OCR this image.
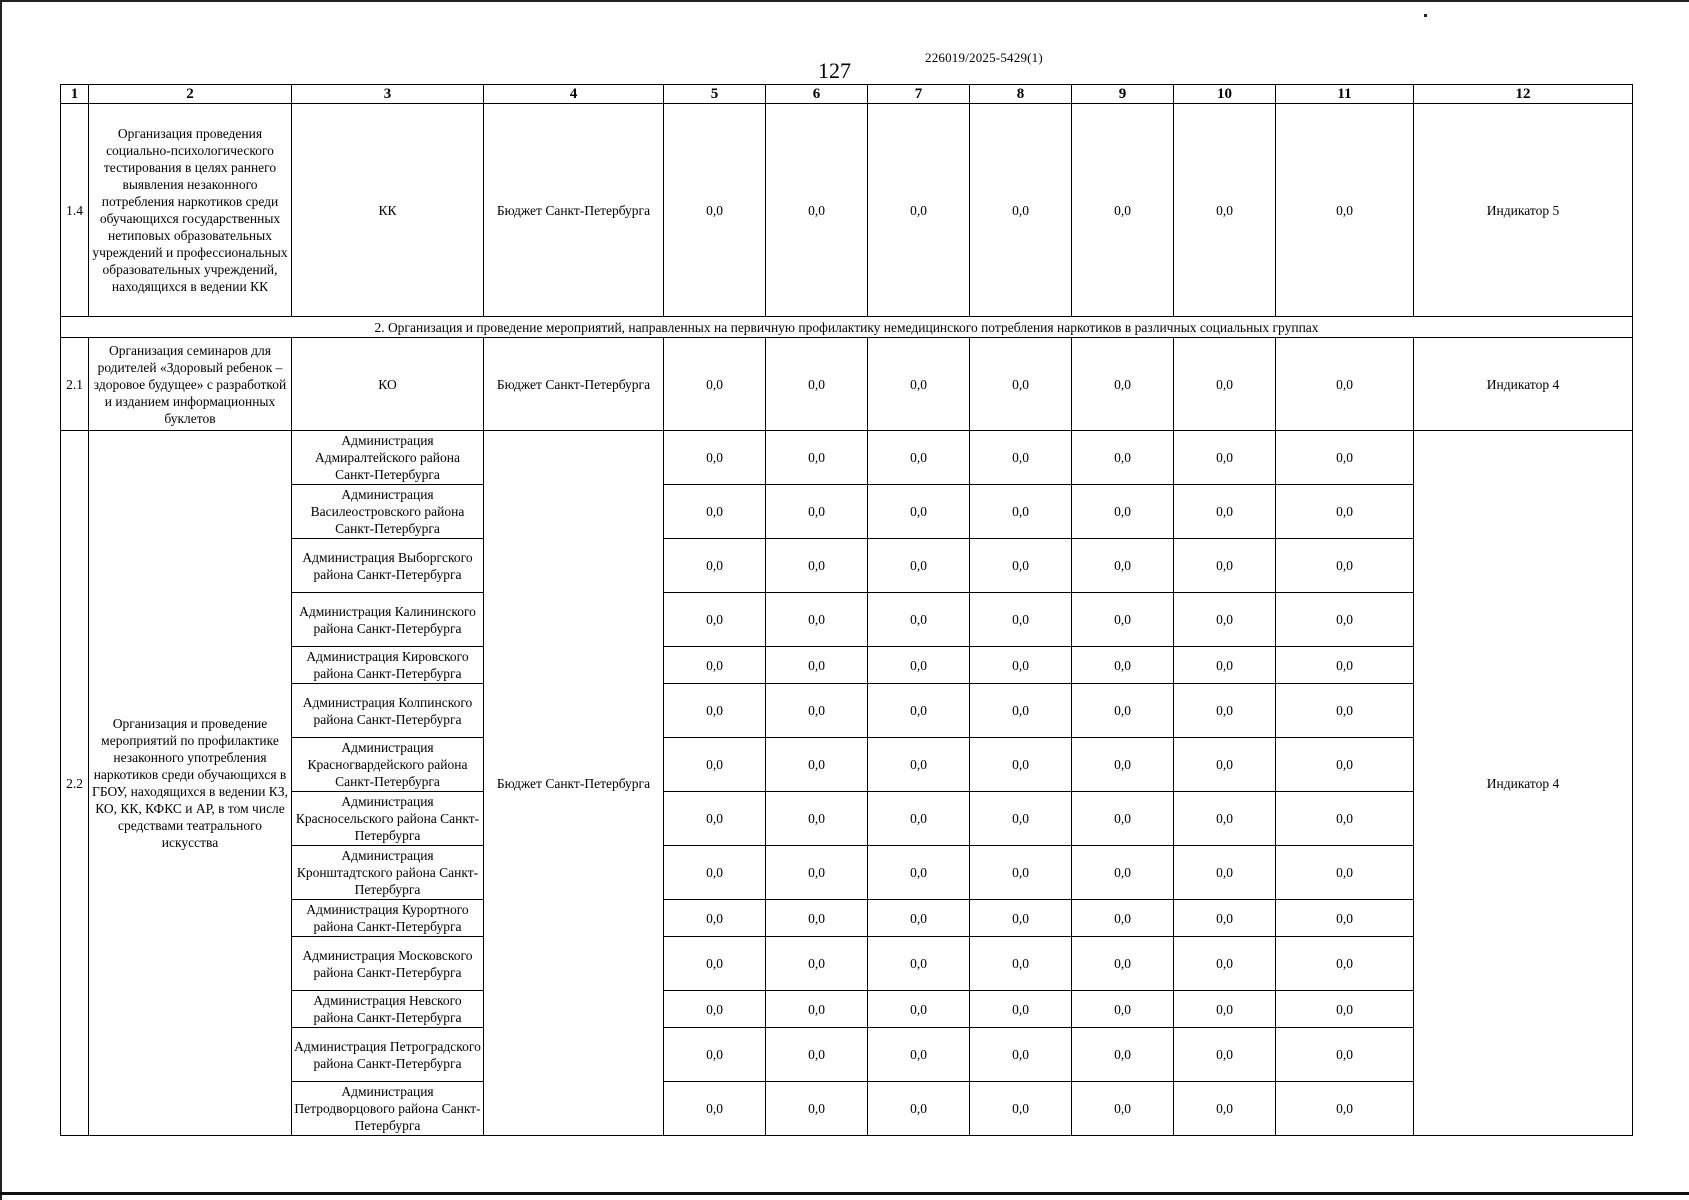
226019/2025-5429(1)
127
1	2	3	4	5	6	7	8	9	10	11	12
1.4	Организация проведения социально-психологического тестирования в целях раннего выявления незаконного потребления наркотиков среди обучающихся государственных нетиповых образовательных учреждений и профессиональных образовательных учреждений, находящихся в ведении КК	КК	Бюджет Санкт-Петербурга	0,0	0,0	0,0	0,0	0,0	0,0	0,0	Индикатор 5
2. Организация и проведение мероприятий, направленных на первичную профилактику немедицинского потребления наркотиков в различных социальных группах											
2.1	Организация семинаров для родителей «Здоровый ребенок – здоровое будущее» с разработкой и изданием информационных буклетов	КО	Бюджет Санкт-Петербурга	0,0	0,0	0,0	0,0	0,0	0,0	0,0	Индикатор 4
2.2	Организация и проведение мероприятий по профилактике незаконного употребления наркотиков среди обучающихся в ГБОУ, находящихся в ведении КЗ, КО, КК, КФКС и АР, в том числе средствами театрального искусства	Администрация Адмиралтейского района Санкт-Петербурга	Бюджет Санкт-Петербурга	0,0	0,0	0,0	0,0	0,0	0,0	0,0	Индикатор 4
		Администрация Василеостровского района Санкт-Петербурга		0,0	0,0	0,0	0,0	0,0	0,0	0,0	
		Администрация Выборгского района Санкт-Петербурга		0,0	0,0	0,0	0,0	0,0	0,0	0,0	
		Администрация Калининского района Санкт-Петербурга		0,0	0,0	0,0	0,0	0,0	0,0	0,0	
		Администрация Кировского района Санкт-Петербурга		0,0	0,0	0,0	0,0	0,0	0,0	0,0	
		Администрация Колпинского района Санкт-Петербурга		0,0	0,0	0,0	0,0	0,0	0,0	0,0	
		Администрация Красногвардейского района Санкт-Петербурга		0,0	0,0	0,0	0,0	0,0	0,0	0,0	
		Администрация Красносельского района Санкт-Петербурга		0,0	0,0	0,0	0,0	0,0	0,0	0,0	
		Администрация Кронштадтского района Санкт-Петербурга		0,0	0,0	0,0	0,0	0,0	0,0	0,0	
		Администрация Курортного района Санкт-Петербурга		0,0	0,0	0,0	0,0	0,0	0,0	0,0	
		Администрация Московского района Санкт-Петербурга		0,0	0,0	0,0	0,0	0,0	0,0	0,0	
		Администрация Невского района Санкт-Петербурга		0,0	0,0	0,0	0,0	0,0	0,0	0,0	
		Администрация Петроградского района Санкт-Петербурга		0,0	0,0	0,0	0,0	0,0	0,0	0,0	
		Администрация Петродворцового района Санкт-Петербурга		0,0	0,0	0,0	0,0	0,0	0,0	0,0	
